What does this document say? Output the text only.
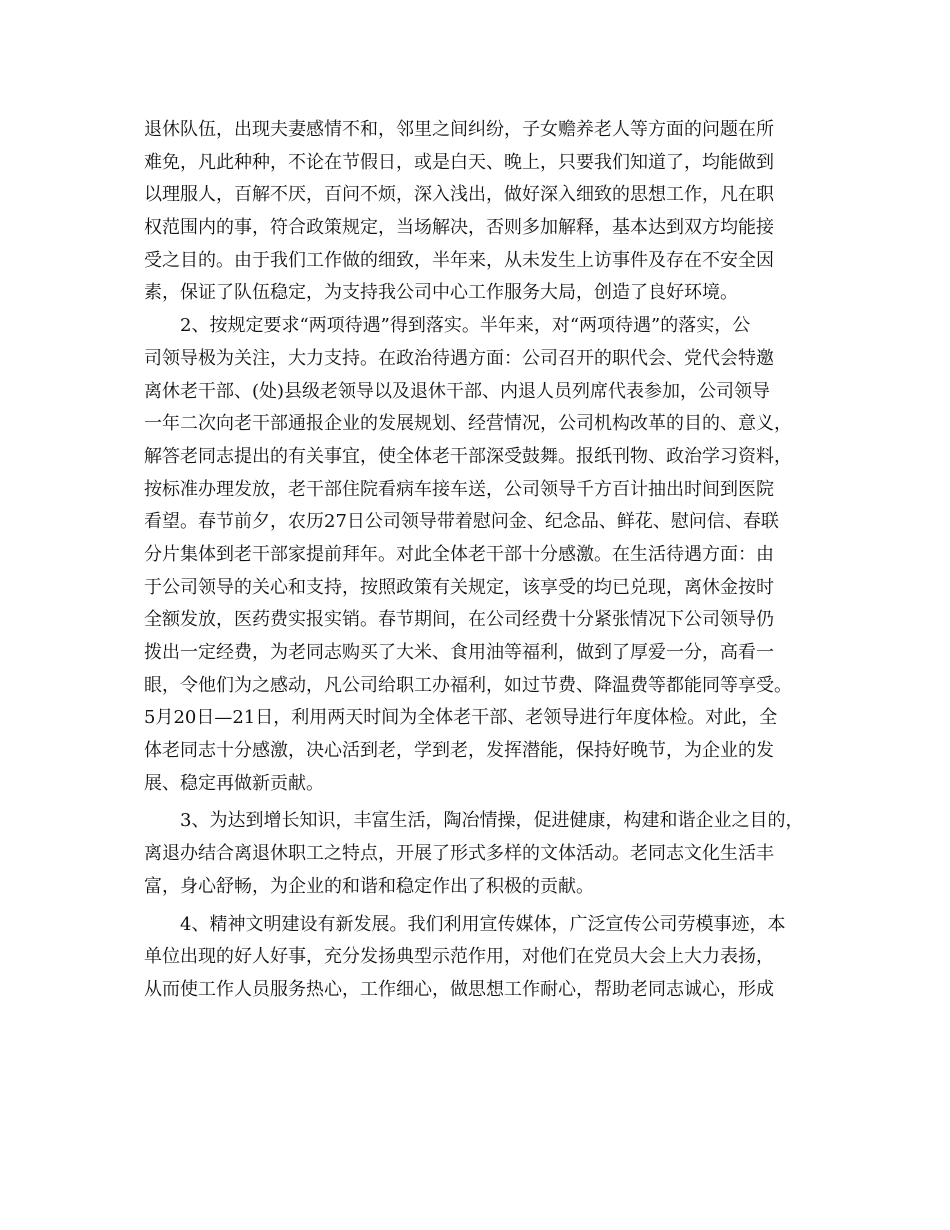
退休队伍，出现夫妻感情不和，邻里之间纠纷，子女赡养老人等方面的问题在所
难免，凡此种种，不论在节假日，或是白天、晚上，只要我们知道了，均能做到
以理服人，百解不厌，百问不烦，深入浅出，做好深入细致的思想工作，凡在职
权范围内的事，符合政策规定，当场解决，否则多加解释，基本达到双方均能接
受之目的。由于我们工作做的细致，半年来，从未发生上访事件及存在不安全因
素，保证了队伍稳定，为支持我公司中心工作服务大局，创造了良好环境。
2、按规定要求“两项待遇”得到落实。半年来，对“两项待遇”的落实，公
司领导极为关注，大力支持。在政治待遇方面：公司召开的职代会、党代会特邀
离休老干部、(处)县级老领导以及退休干部、内退人员列席代表参加，公司领导
一年二次向老干部通报企业的发展规划、经营情况，公司机构改革的目的、意义，
解答老同志提出的有关事宜，使全体老干部深受鼓舞。报纸刊物、政治学习资料，
按标准办理发放，老干部住院看病车接车送，公司领导千方百计抽出时间到医院
看望。春节前夕，农历27日公司领导带着慰问金、纪念品、鲜花、慰问信、春联
分片集体到老干部家提前拜年。对此全体老干部十分感激。在生活待遇方面：由
于公司领导的关心和支持，按照政策有关规定，该享受的均已兑现，离休金按时
全额发放，医药费实报实销。春节期间，在公司经费十分紧张情况下公司领导仍
拨出一定经费，为老同志购买了大米、食用油等福利，做到了厚爱一分，高看一
眼，令他们为之感动，凡公司给职工办福利，如过节费、降温费等都能同等享受。
5月20日—21日，利用两天时间为全体老干部、老领导进行年度体检。对此，全
体老同志十分感激，决心活到老，学到老，发挥潜能，保持好晚节，为企业的发
展、稳定再做新贡献。
3、为达到增长知识，丰富生活，陶冶情操，促进健康，构建和谐企业之目的，
离退办结合离退休职工之特点，开展了形式多样的文体活动。老同志文化生活丰
富，身心舒畅，为企业的和谐和稳定作出了积极的贡献。
4、精神文明建设有新发展。我们利用宣传媒体，广泛宣传公司劳模事迹，本
单位出现的好人好事，充分发扬典型示范作用，对他们在党员大会上大力表扬，
从而使工作人员服务热心，工作细心，做思想工作耐心，帮助老同志诚心，形成
